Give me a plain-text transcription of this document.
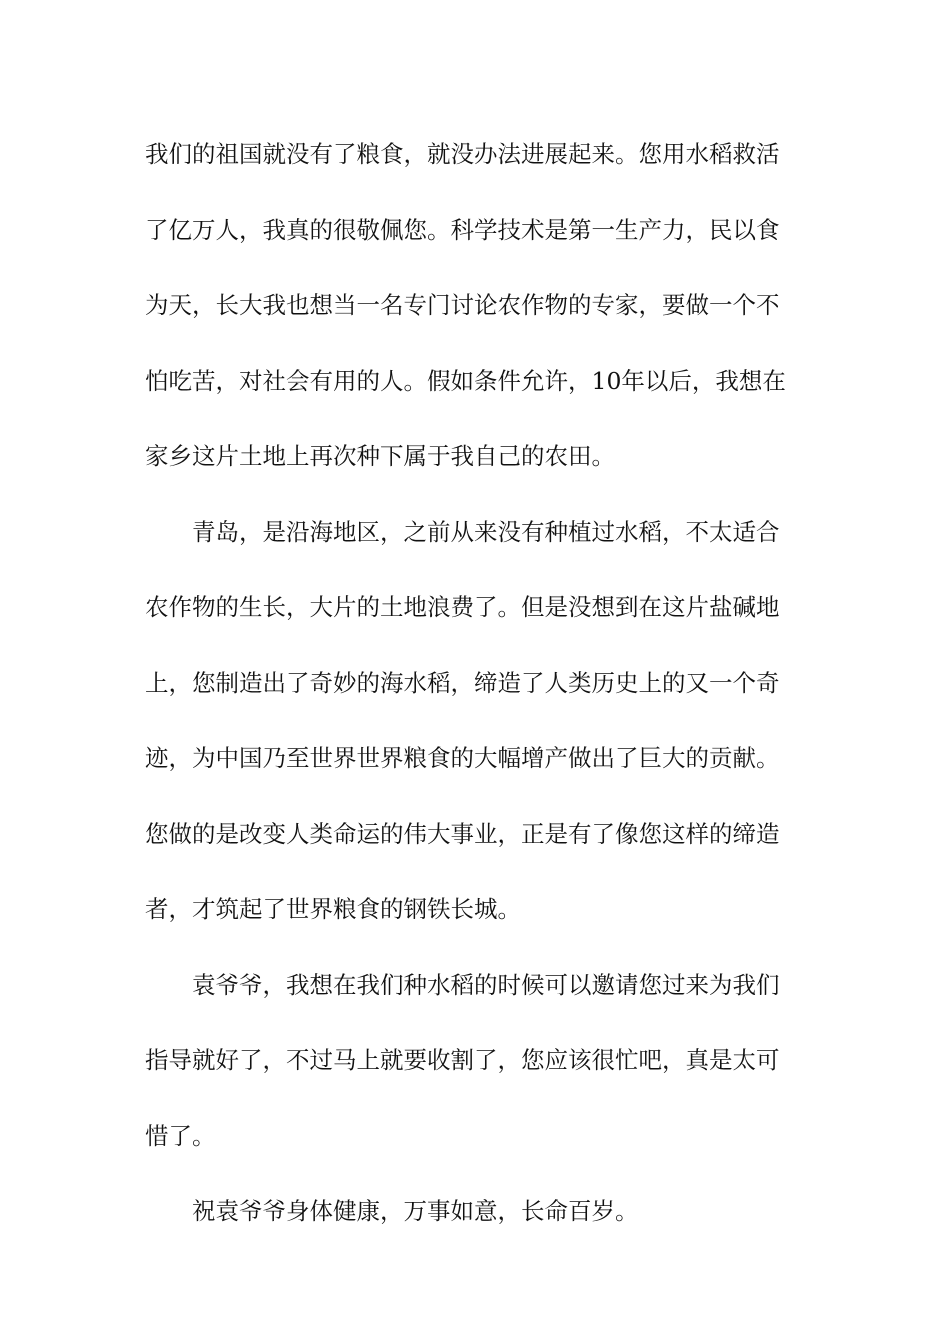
我们的祖国就没有了粮食，就没办法进展起来。您用水稻救活
了亿万人，我真的很敬佩您。科学技术是第一生产力，民以食
为天，长大我也想当一名专门讨论农作物的专家，要做一个不
怕吃苦，对社会有用的人。假如条件允许，10年以后，我想在
家乡这片土地上再次种下属于我自己的农田。
青岛，是沿海地区，之前从来没有种植过水稻，不太适合
农作物的生长，大片的土地浪费了。但是没想到在这片盐碱地
上，您制造出了奇妙的海水稻，缔造了人类历史上的又一个奇
迹，为中国乃至世界世界粮食的大幅增产做出了巨大的贡献。
您做的是改变人类命运的伟大事业，正是有了像您这样的缔造
者，才筑起了世界粮食的钢铁长城。
袁爷爷，我想在我们种水稻的时候可以邀请您过来为我们
指导就好了，不过马上就要收割了，您应该很忙吧，真是太可
惜了。
祝袁爷爷身体健康，万事如意，长命百岁。
